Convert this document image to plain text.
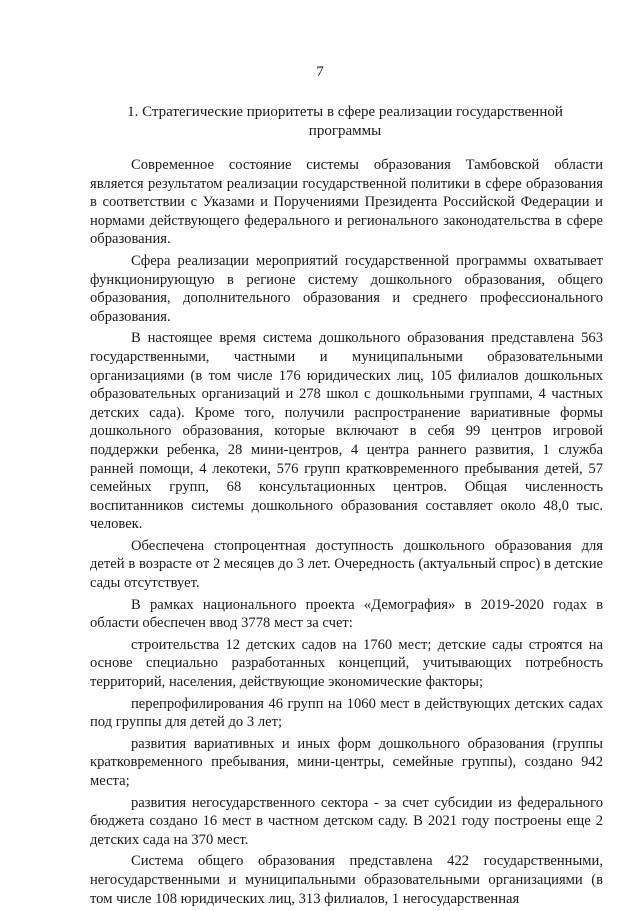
7
1. Стратегические приоритеты в сфере реализации государственной программы

Современное состояние системы образования Тамбовской области является результатом реализации государственной политики в сфере образования в соответствии с Указами и Поручениями Президента Российской Федерации и нормами действующего федерального и регионального законодательства в сфере образования.

Сфера реализации мероприятий государственной программы охватывает функционирующую в регионе систему дошкольного образования, общего образования, дополнительного образования и среднего профессионального образования.

В настоящее время система дошкольного образования представлена 563 государственными, частными и муниципальными образовательными организациями (в том числе 176 юридических лиц, 105 филиалов дошкольных образовательных организаций и 278 школ с дошкольными группами, 4 частных детских сада). Кроме того, получили распространение вариативные формы дошкольного образования, которые включают в себя 99 центров игровой поддержки ребенка, 28 мини-центров, 4 центра раннего развития, 1 служба ранней помощи, 4 лекотеки, 576 групп кратковременного пребывания детей, 57 семейных групп, 68 консультационных центров. Общая численность воспитанников системы дошкольного образования составляет около 48,0 тыс. человек.

Обеспечена стопроцентная доступность дошкольного образования для детей в возрасте от 2 месяцев до 3 лет. Очередность (актуальный спрос) в детские сады отсутствует.

В рамках национального проекта «Демография» в 2019-2020 годах в области обеспечен ввод 3778 мест за счет:

строительства 12 детских садов на 1760 мест; детские сады строятся на основе специально разработанных концепций, учитывающих потребность территорий, населения, действующие экономические факторы;

перепрофилирования 46 групп на 1060 мест в действующих детских садах под группы для детей до 3 лет;

развития вариативных и иных форм дошкольного образования (группы кратковременного пребывания, мини-центры, семейные группы), создано 942 места;

развития негосударственного сектора - за счет субсидии из федерального бюджета создано 16 мест в частном детском саду. В 2021 году построены еще 2 детских сада на 370 мест.

Система общего образования представлена 422 государственными, негосударственными и муниципальными образовательными организациями (в том числе 108 юридических лиц, 313 филиалов, 1 негосударственная
